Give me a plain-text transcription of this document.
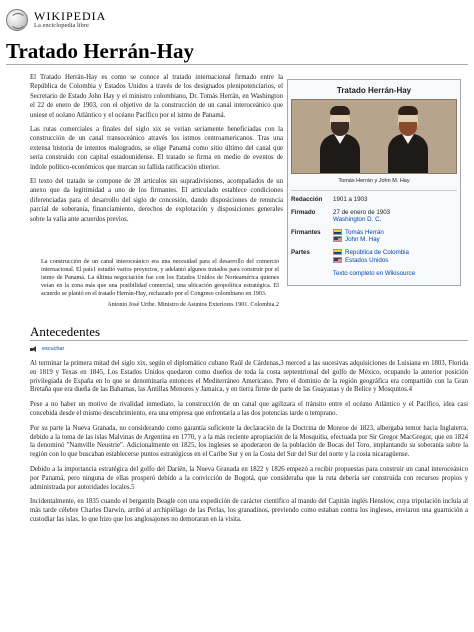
WIKIPEDIA
La enciclopedia libre
Tratado Herrán-Hay

El Tratado Herrán-Hay es como se conoce al tratado internacional firmado entre la República de Colombia y Estados Unidos a través de los designados plenipotenciarios, el Secretario de Estado John Hay y el ministro colombiano, Dr. Tomás Herrán, en Washington el 22 de enero de 1903, con el objetivo de la construcción de un canal interoceánico que uniese el océano Atlántico y el océano Pacífico por el istmo de Panamá.

Las rutas comerciales a finales del siglo xix se verían seriamente beneficiadas con la construcción de un canal transoceánico através los istmos centroamericanos. Tras una extensa historia de intentos malogrados, se elige Panamá como sitio último del canal que sería construido con capital estadounidense. El tratado se firma en medio de eventos de índole político-económicos que marcan su fallida ratificación ulterior.

El texto del tratado se compone de 28 artículos sin supradivisiones, acompañados de un anexo que da legitimidad a uno de los firmantes. El articulado establece condiciones diferenciadas para el desarrollo del siglo de concesión, dando disposiciones de renuncia parcial de soberanía, financiamiento, derechos de explotación y disposiciones generales sobre la valía ante acuerdos previos.

La construcción de un canal interoceánico era una necesidad para el desarrollo del comercio internacional. El país1 estudió varios proyectos, y adelantó algunos tratados para construir por el istmo de Panamá. La última negociación fue con los Estados Unidos de Norteamérica quienes veían en la zona más que una posibilidad comercial, una ubicación geopolítica estratégica. El acuerdo se plantó en el tratado Herrán-Hay, rechazado por el Congreso colombiano en 1903.

Antonio José Uribe. Ministro de Asuntos Exteriores 1901. Colombia.2

Tratado Herrán-Hay
Tomás Herrán y John M. Hay
Redacción	1901 a 1903
Firmado	27 de enero de 1903
Washington D. C.
Firmantes	Tomás Herrán
John M. Hay
Partes	República de Colombia
Estados Unidos
Texto completo en Wikisource
Antecedentes
escuchar

Al terminar la primera mitad del siglo xix, según el diplomático cubano Raúl de Cárdenas,3 merced a las sucesivas adquisiciones de Luisiana en 1803, Florida en 1819 y Texas en 1845, Los Estados Unidos quedaron como dueños de toda la costa septentrional del golfo de México, ocupando la anterior posición privilegiada de España en lo que se denominaría entonces el Mediterráneo Americano. Pero el dominio de la región geográfica era compartido con la Gran Bretaña que era dueña de las Bahamas, las Antillas Menores y Jamaica, y en tierra firme de parte de las Guayanas y de Belice y Mosquitos.4

Pese a no haber un motivo de rivalidad inmediato, la construcción de un canal que agilizara el tránsito entre el océano Atlántico y el Pacífico, idea casi concebida desde el mismo descubrimiento, era una empresa que enfrentaría a las dos potencias tarde o temprano.

Por su parte la Nueva Granada, no considerando como garantía suficiente la declaración de la Doctrina de Monroe de 1823, albergaba temor hacia Inglaterra, debido a la toma de las islas Malvinas de Argentina en 1770, y a la más reciente apropiación de la Mosquitia, efectuada por Sir Gregor MacGregor, que en 1824 la denominó "Namville Neustrie". Adicionalmente en 1825, los ingleses se apoderaron de la población de Bocas del Toro, implantando su soberanía sobre la región con lo que buscaban establecerse puntos estratégicos en el Caribe Sur y en la Costa del Sur del Sur del norte y la costa nicaragüense.

Debido a la importancia estratégica del golfo del Darién, la Nueva Granada en 1822 y 1826 empezó a recibir propuestas para construir un canal interoceánico por Panamá, pero ninguna de ellas prosperó debido a la convicción de Bogotá, que consideraba que la ruta debería ser construida con recursos propios y administrada por autoridades locales.5

Incidentalmente, en 1835 cuando el bergantín Beagle con una expedición de carácter científico al mando del Capitán inglés Henslow, cuya tripulación incluía al más tarde célebre Charles Darwin, arribó al archipiélago de las Perlas, los granadinos, previendo como estaban contra los ingleses, enviaron una guarnición a custodiar las islas, lo que hizo que los anglosajones no demoraran en la visita.
